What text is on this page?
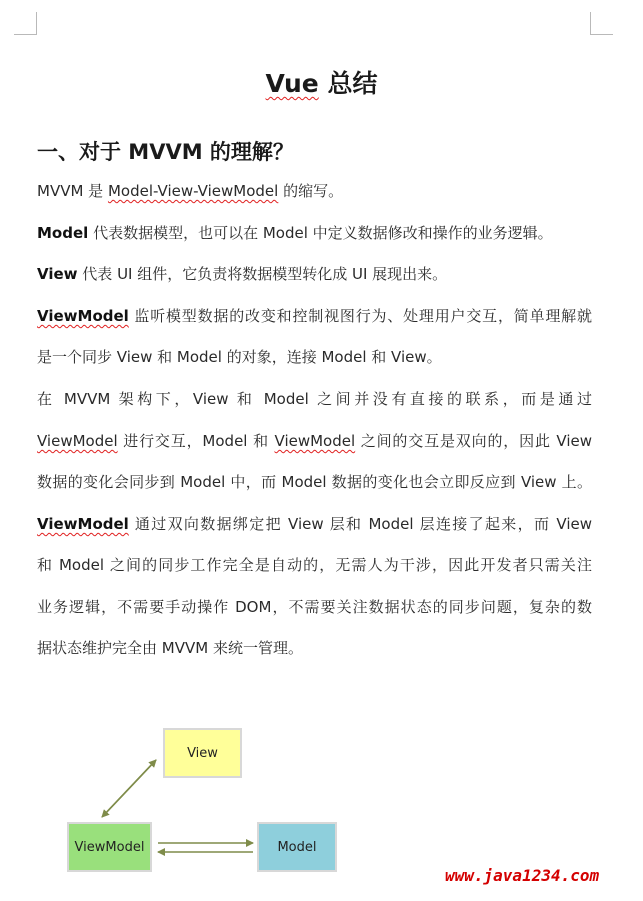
Vue 总结
一、对于 MVVM 的理解？

MVVM 是 Model-View-ViewModel 的缩写。

Model 代表数据模型，也可以在 Model 中定义数据修改和操作的业务逻辑。

View 代表 UI 组件，它负责将数据模型转化成 UI 展现出来。

ViewModel 监听模型数据的改变和控制视图行为、处理用户交互，简单理解就

是一个同步 View 和 Model 的对象，连接 Model 和 View。

在 MVVM 架构下，View 和 Model 之间并没有直接的联系，而是通过

ViewModel 进行交互，Model 和 ViewModel 之间的交互是双向的，因此 View

数据的变化会同步到 Model 中，而 Model 数据的变化也会立即反应到 View 上。

ViewModel 通过双向数据绑定把 View 层和 Model 层连接了起来，而 View

和 Model 之间的同步工作完全是自动的，无需人为干涉，因此开发者只需关注

业务逻辑，不需要手动操作 DOM，不需要关注数据状态的同步问题，复杂的数

据状态维护完全由 MVVM 来统一管理。

View
ViewModel	Model
www.java1234.com
